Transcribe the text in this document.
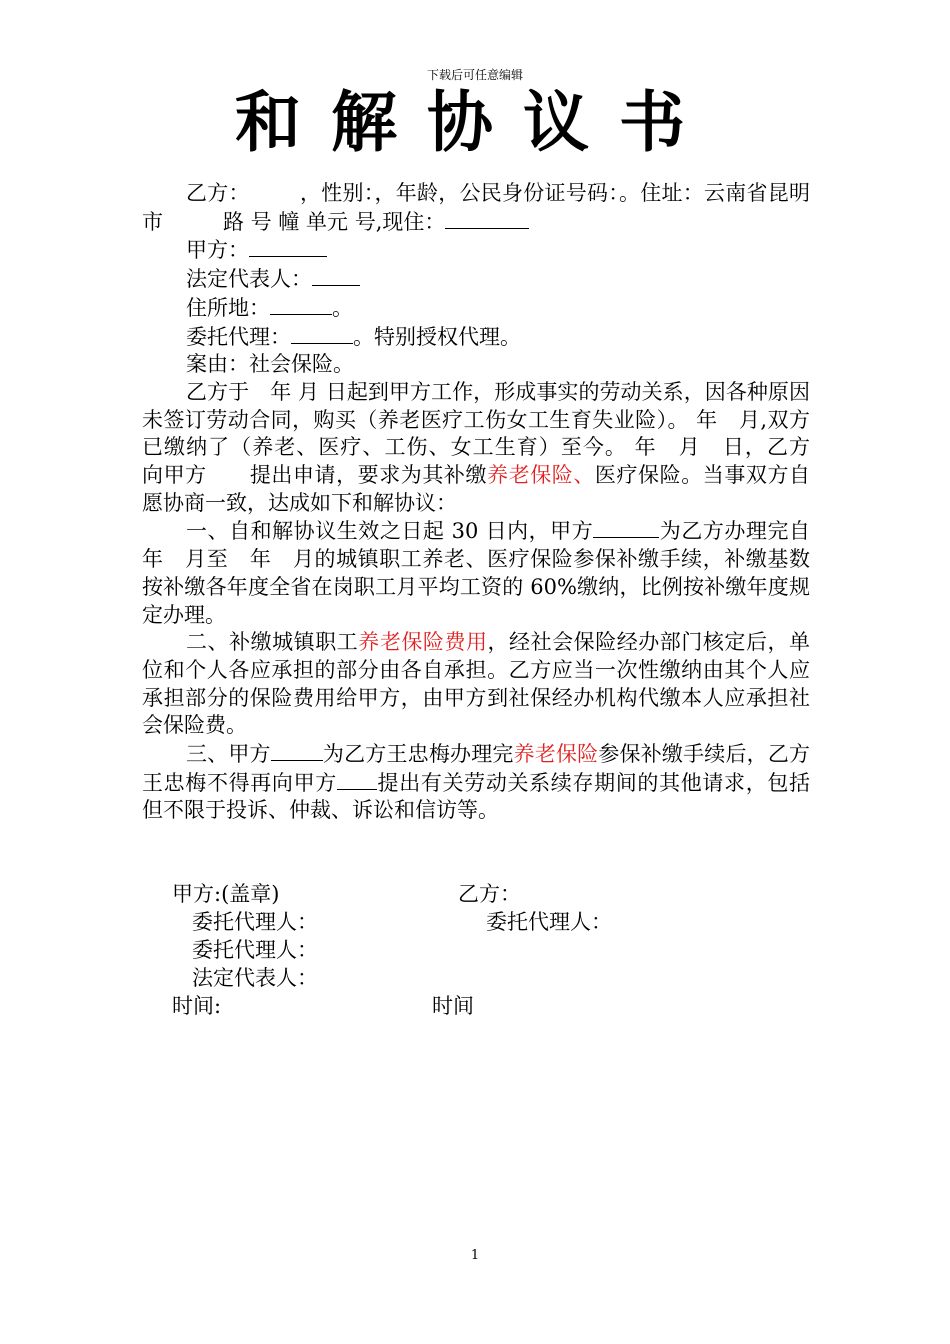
下载后可任意编辑
和解协议书

乙方： ，性别：，年龄，公民身份证号码：。住址：云南省昆明市	路 号 幢 单元 号,现住：

甲方：

法定代表人：

住所地：	。

委托代理：	。特别授权代理。

案由：社会保险。

乙方于　年 月 日起到甲方工作，形成事实的劳动关系，因各种原因未签订劳动合同，购买（养老医疗工伤女工生育失业险）。 年　月,双方已缴纳了（养老、医疗、工伤、女工生育）至今。 年　月　日，乙方　向甲方　　提出申请，要求为其补缴养老保险、医疗保险。当事双方自愿协商一致，达成如下和解协议：

一、自和解协议生效之日起 30 日内，甲方	为乙方办理完自　年　月至　年　月的城镇职工养老、医疗保险参保补缴手续，补缴基数按补缴各年度全省在岗职工月平均工资的 60%缴纳，比例按补缴年度规定办理。

二、补缴城镇职工养老保险费用，经社会保险经办部门核定后，单位和个人各应承担的部分由各自承担。乙方应当一次性缴纳由其个人应承担部分的保险费用给甲方，由甲方到社保经办机构代缴本人应承担社会保险费。

三、甲方 为乙方王忠梅办理完养老保险参保补缴手续后，乙方王忠梅不得再向甲方 提出有关劳动关系续存期间的其他请求，包括但不限于投诉、仲裁、诉讼和信访等。

甲方:(盖章)	乙方：
委托代理人：	委托代理人：
委托代理人：
法定代表人：
时间:	时间
1
